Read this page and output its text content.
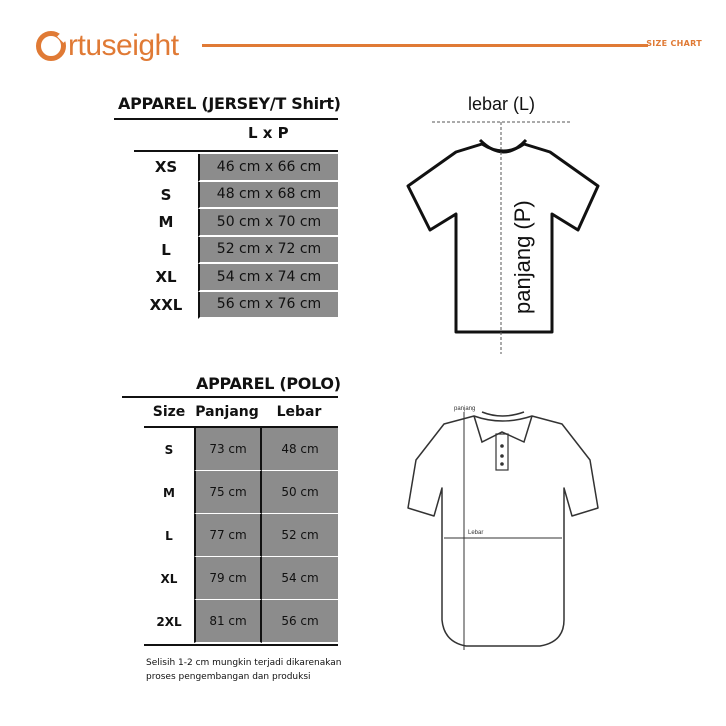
rtuseight	SIZE CHART
APPAREL (JERSEY/T Shirt)
L x P
XS	46 cm x 66 cm
S	48 cm x 68 cm
M	50 cm x 70 cm
L	52 cm x 72 cm
XL	54 cm x 74 cm
XXL	56 cm x 76 cm
lebar (L)
panjang (P)
APPAREL (POLO)
Size Panjang	Lebar
S	73 cm	48 cm
M	75 cm	50 cm
L	77 cm	52 cm
XL	79 cm	54 cm
2XL	81 cm	56 cm
Selisih 1-2 cm mungkin terjadi dikarenakan
proses pengembangan dan produksi
panjang
Lebar
